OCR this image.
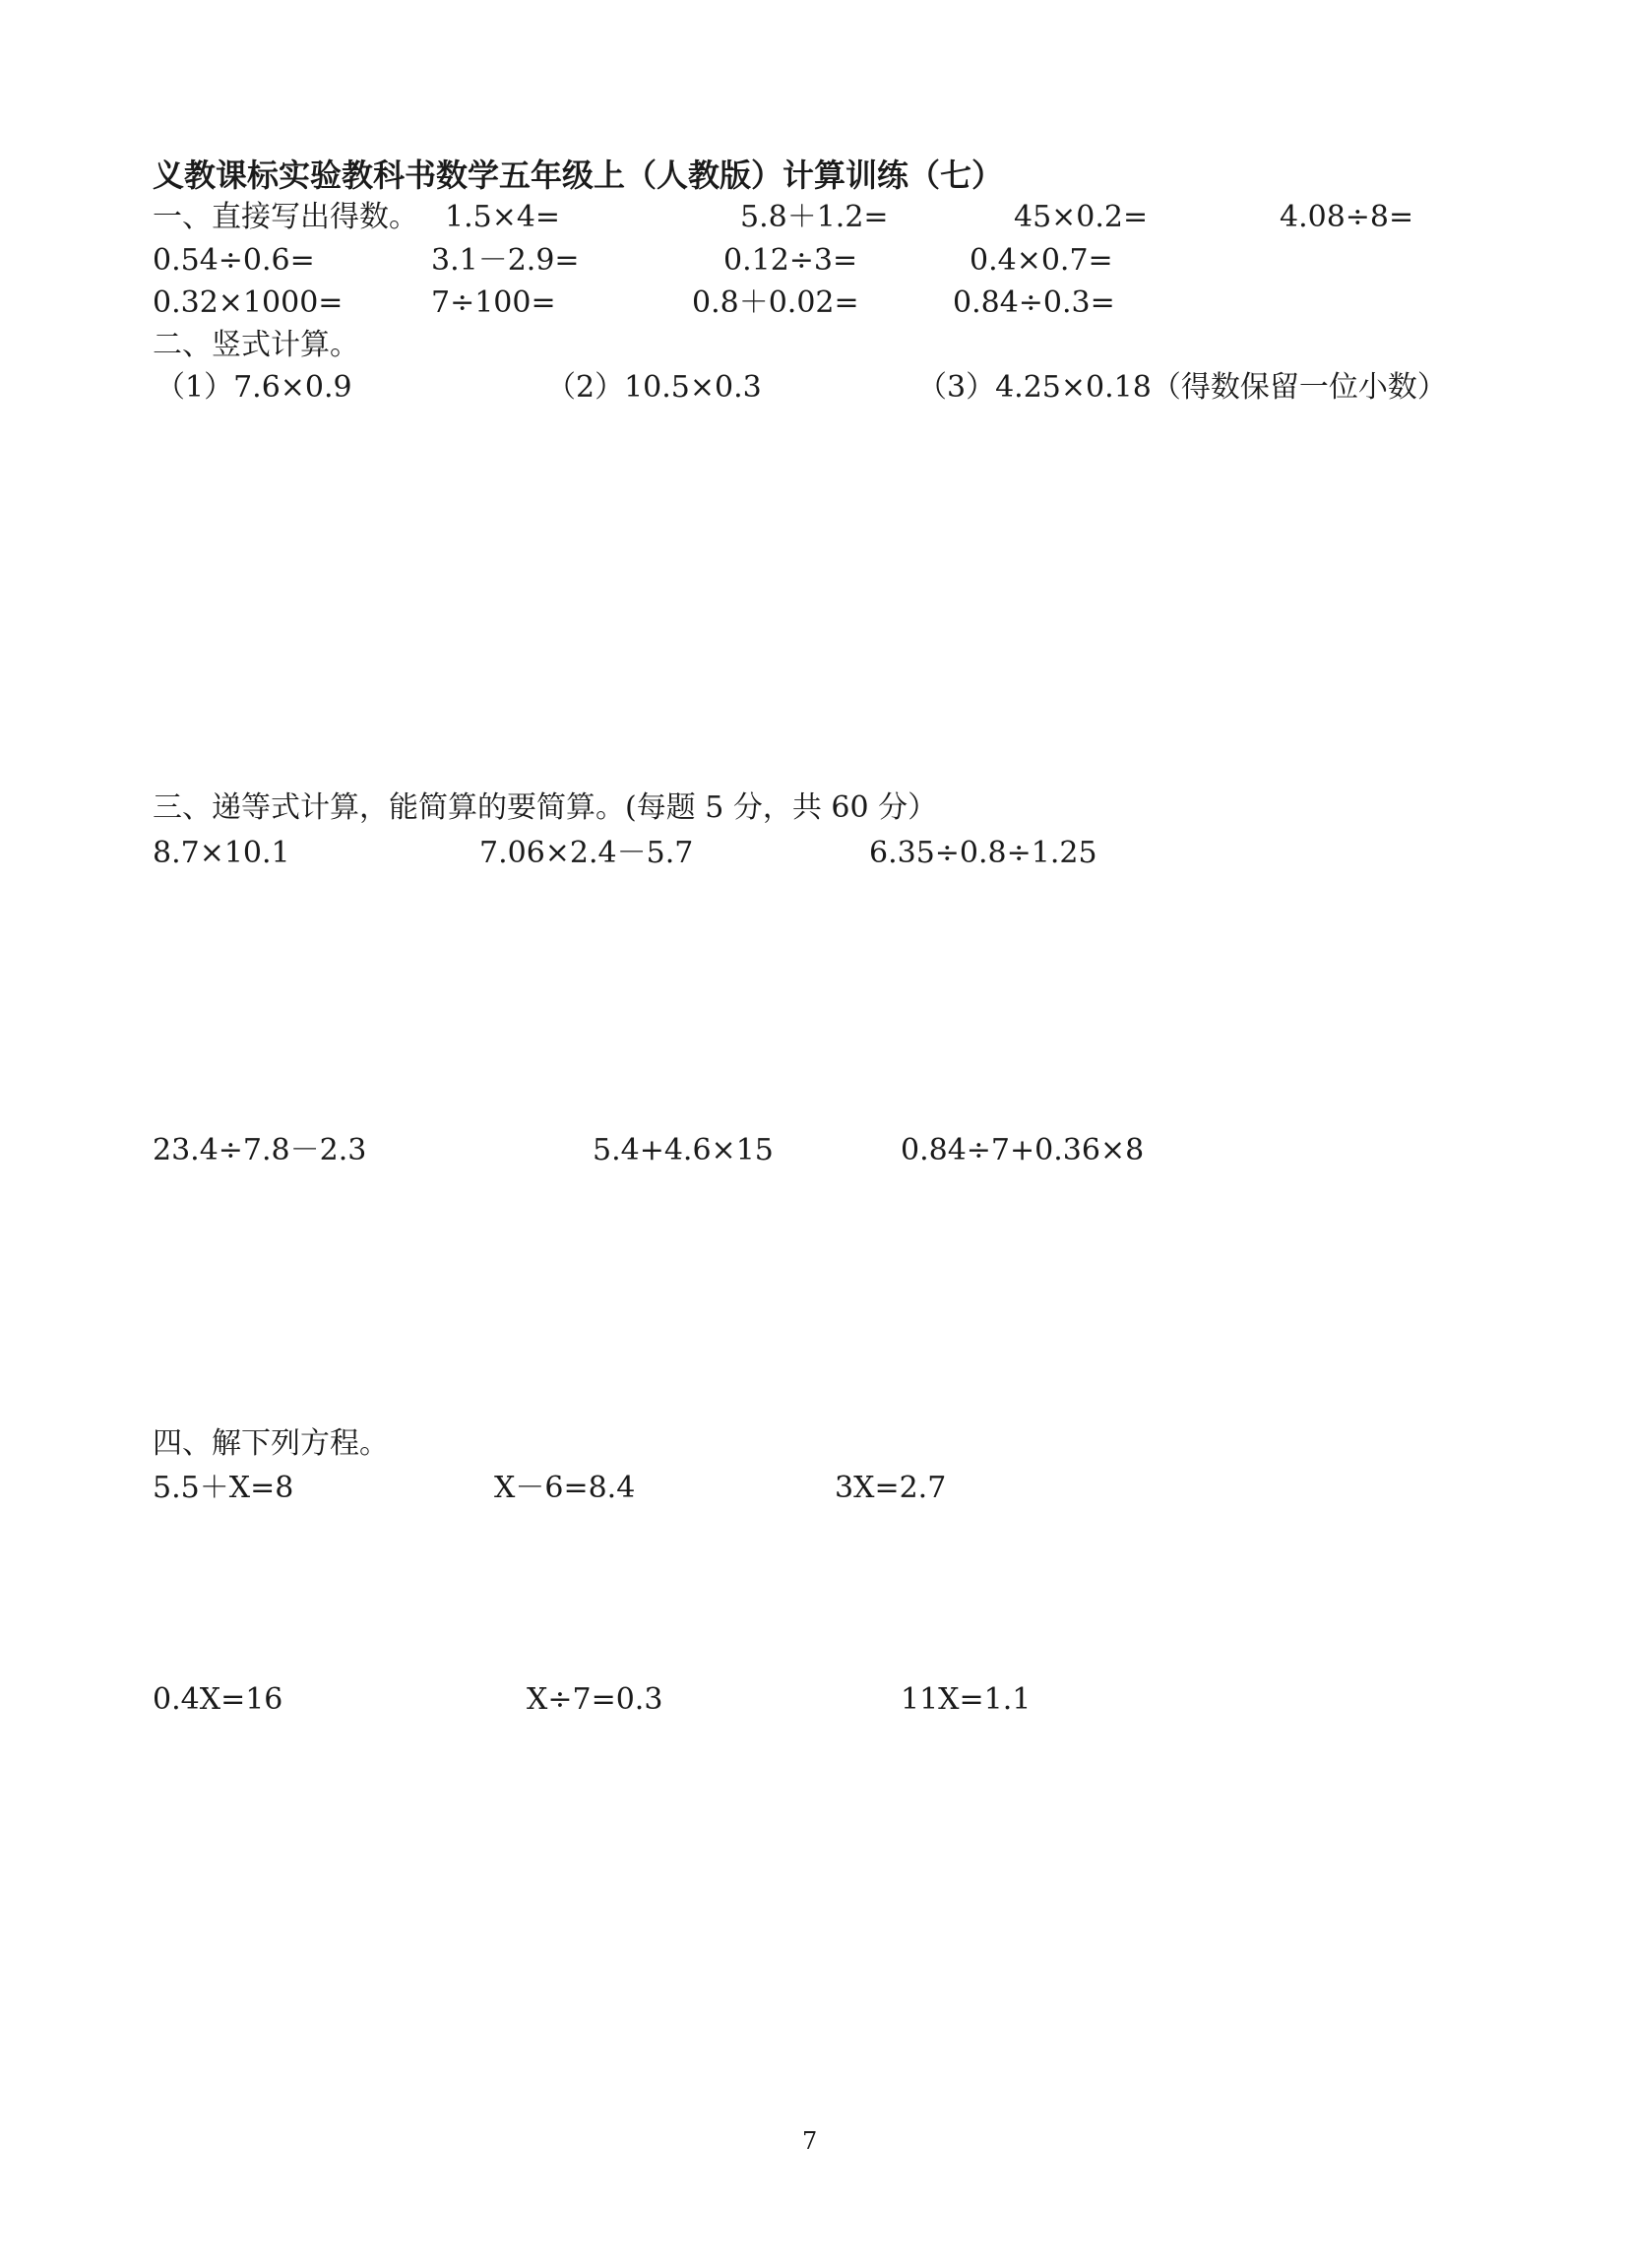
义教课标实验教科书数学五年级上（人教版）计算训练（七）
一、直接写出得数。 1.5×4=	5.8＋1.2=	45×0.2=	4.08÷8=
0.54÷0.6=	3.1－2.9=	0.12÷3=	0.4×0.7=
0.32×1000=	7÷100=	0.8＋0.02=	0.84÷0.3=
二、竖式计算。
（1）7.6×0.9	（2）10.5×0.3	（3）4.25×0.18（得数保留一位小数）
三、递等式计算，能简算的要简算。(每题 5 分，共 60 分）
8.7×10.1	7.06×2.4－5.7	6.35÷0.8÷1.25
23.4÷7.8－2.3	5.4+4.6×15	0.84÷7+0.36×8
四、解下列方程。
5.5＋X=8	X－6=8.4	3X=2.7
0.4X=16	X÷7=0.3	11X=1.1
7
